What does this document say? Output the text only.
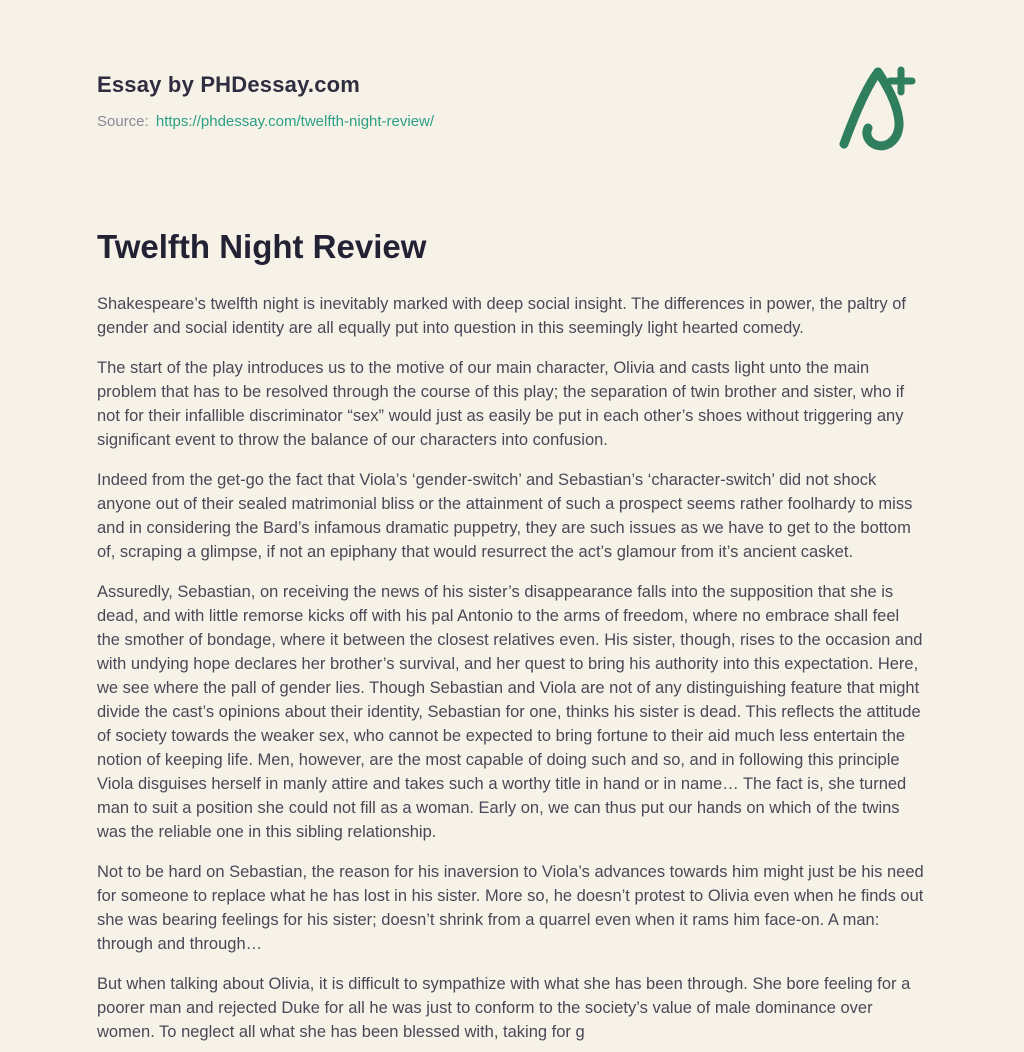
Essay by PHDessay.com
Source: https://phdessay.com/twelfth-night-review/
Twelfth Night Review

Shakespeare’s twelfth night is inevitably marked with deep social insight. The differences in power, the paltry of gender and social identity are all equally put into question in this seemingly light hearted comedy.

The start of the play introduces us to the motive of our main character, Olivia and casts light unto the main problem that has to be resolved through the course of this play; the separation of twin brother and sister, who if not for their infallible discriminator “sex” would just as easily be put in each other’s shoes without triggering any significant event to throw the balance of our characters into confusion.

Indeed from the get-go the fact that Viola’s ‘gender-switch’ and Sebastian’s ‘character-switch’ did not shock anyone out of their sealed matrimonial bliss or the attainment of such a prospect seems rather foolhardy to miss and in considering the Bard’s infamous dramatic puppetry, they are such issues as we have to get to the bottom of, scraping a glimpse, if not an epiphany that would resurrect the act’s glamour from it’s ancient casket.

Assuredly, Sebastian, on receiving the news of his sister’s disappearance falls into the supposition that she is dead, and with little remorse kicks off with his pal Antonio to the arms of freedom, where no embrace shall feel the smother of bondage, where it between the closest relatives even. His sister, though, rises to the occasion and with undying hope declares her brother’s survival, and her quest to bring his authority into this expectation. Here, we see where the pall of gender lies. Though Sebastian and Viola are not of any distinguishing feature that might divide the cast’s opinions about their identity, Sebastian for one, thinks his sister is dead. This reflects the attitude of society towards the weaker sex, who cannot be expected to bring fortune to their aid much less entertain the notion of keeping life. Men, however, are the most capable of doing such and so, and in following this principle Viola disguises herself in manly attire and takes such a worthy title in hand or in name… The fact is, she turned man to suit a position she could not fill as a woman. Early on, we can thus put our hands on which of the twins was the reliable one in this sibling relationship.

Not to be hard on Sebastian, the reason for his inaversion to Viola’s advances towards him might just be his need for someone to replace what he has lost in his sister. More so, he doesn’t protest to Olivia even when he finds out she was bearing feelings for his sister; doesn’t shrink from a quarrel even when it rams him face-on. A man: through and through…

But when talking about Olivia, it is difficult to sympathize with what she has been through. She bore feeling for a poorer man and rejected Duke for all he was just to conform to the society’s value of male dominance over women. To neglect all what she has been blessed with, taking for g
